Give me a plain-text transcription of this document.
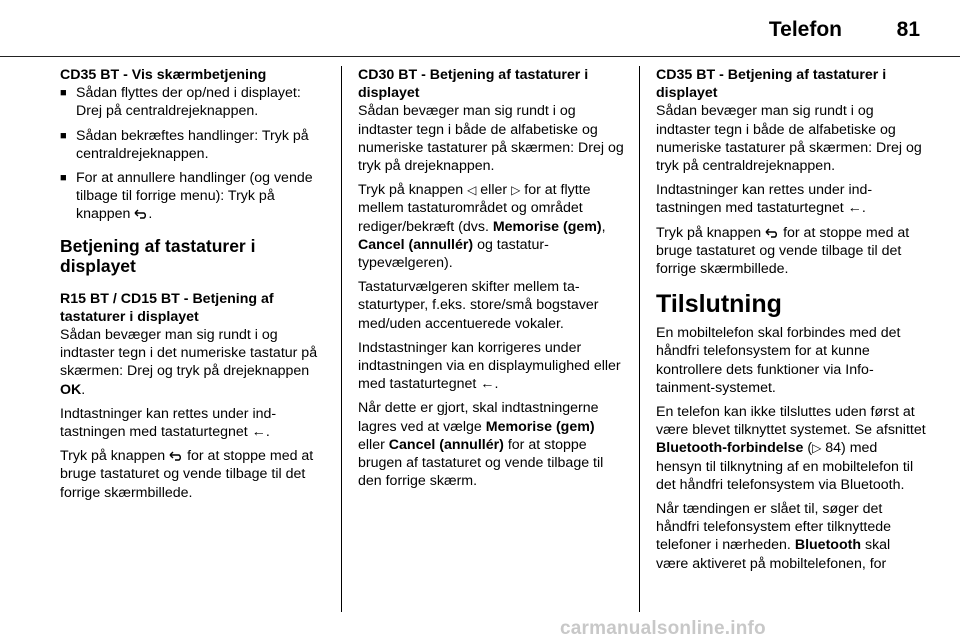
Telefon	81

CD35 BT - Vis skærmbetjening

■ Sådan flyttes der op/ned i displayet: Drej på centraldrejeknappen.
■ Sådan bekræftes handlinger: Tryk på centraldrejeknappen.
■ For at annullere handlinger (og vende tilbage til forrige menu): Tryk på knappen .
Betjening af tastaturer i displayet

R15 BT / CD15 BT - Betjening af tastaturer i displayet

Sådan bevæger man sig rundt i og indtaster tegn i det numeriske tastatur på skærmen: Drej og tryk på drejeknappen OK.

Indtastninger kan rettes under indtastningen med tastaturtegnet ←.

Tryk på knappen for at stoppe med at bruge tastaturet og vende tilbage til det forrige skærmbillede.

CD30 BT - Betjening af tastaturer i displayet

Sådan bevæger man sig rundt i og indtaster tegn i både de alfabetiske og numeriske tastaturer på skærmen: Drej og tryk på drejeknappen.

Tryk på knappen ◁ eller ▷ for at flytte mellem tastaturområdet og området rediger/bekræft (dvs. Memorise (gem), Cancel (annullér) og tastaturtypevælgeren).

Tastaturvælgeren skifter mellem tastaturtyper, f.eks. store/små bogstaver med/uden accentuerede vokaler.

Indstastninger kan korrigeres under indtastningen via en displaymulighed eller med tastaturtegnet ←.

Når dette er gjort, skal indtastningerne lagres ved at vælge Memorise (gem) eller Cancel (annullér) for at stoppe brugen af tastaturet og vende tilbage til den forrige skærm.

CD35 BT - Betjening af tastaturer i displayet

Sådan bevæger man sig rundt i og indtaster tegn i både de alfabetiske og numeriske tastaturer på skærmen: Drej og tryk på centraldrejeknappen.

Indtastninger kan rettes under indtastningen med tastaturtegnet ←.

Tryk på knappen for at stoppe med at bruge tastaturet og vende tilbage til det forrige skærmbillede.

Tilslutning

En mobiltelefon skal forbindes med det håndfri telefonsystem for at kunne kontrollere dets funktioner via Infotainment-systemet.

En telefon kan ikke tilsluttes uden først at være blevet tilknyttet systemet. Se afsnittet Bluetooth-forbindelse (▷ 84) med hensyn til tilknytning af en mobiltelefon til det håndfri telefonsystem via Bluetooth.

Når tændingen er slået til, søger det håndfri telefonsystem efter tilknyttede telefoner i nærheden. Bluetooth skal være aktiveret på mobiltelefonen, for

carmanualsonline.info
